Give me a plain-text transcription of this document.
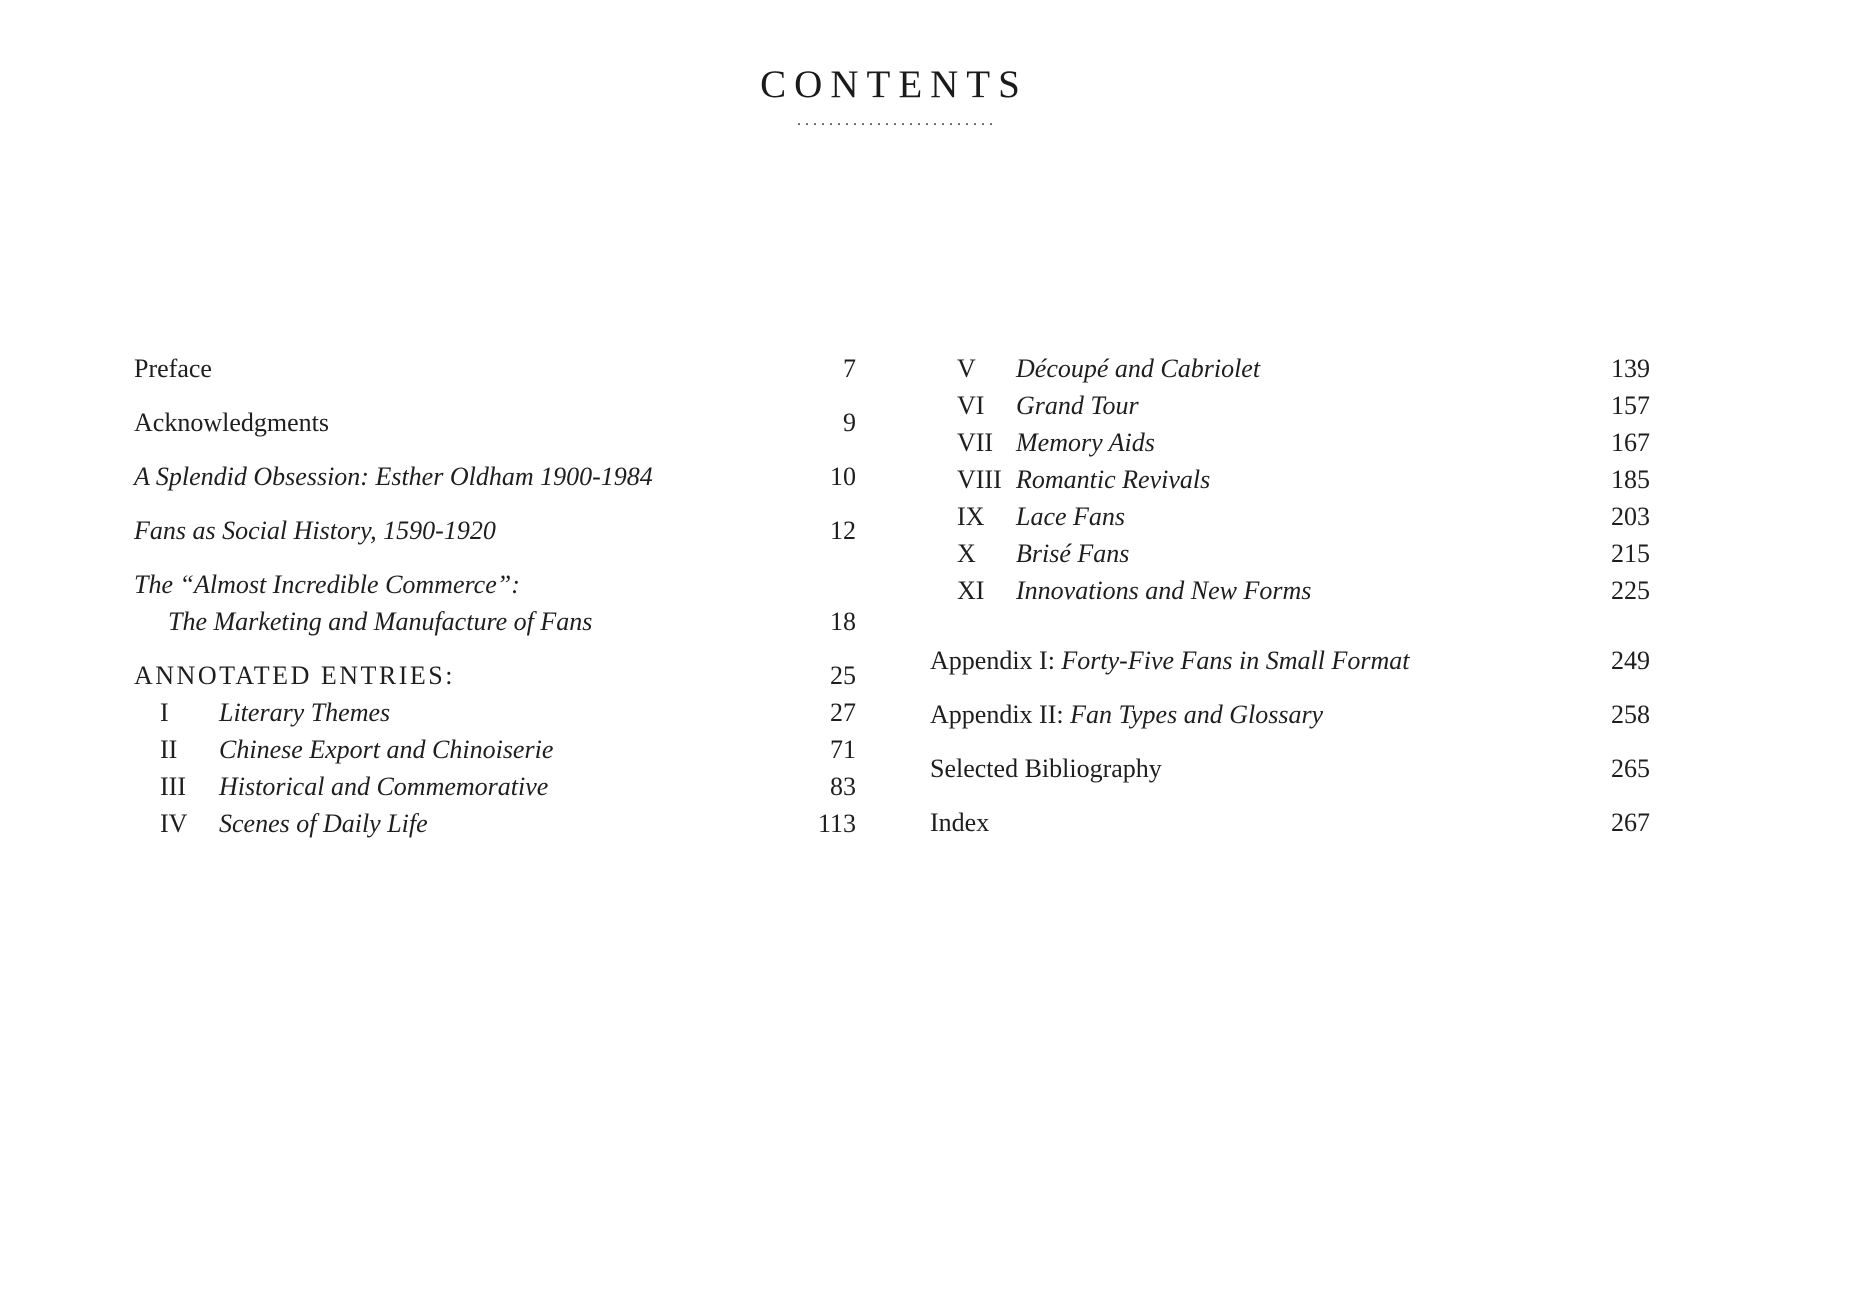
CONTENTS
.........................
Preface	7
Acknowledgments	9
A Splendid Obsession: Esther Oldham 1900-1984	10
Fans as Social History, 1590-1920	12
The “Almost Incredible Commerce”:
The Marketing and Manufacture of Fans	18
ANNOTATED ENTRIES:	25
I Literary Themes	27
II Chinese Export and Chinoiserie	71
III Historical and Commemorative	83
IV Scenes of Daily Life	113
V Découpé and Cabriolet	139
VI Grand Tour	157
VII Memory Aids	167
VIII Romantic Revivals	185
IX Lace Fans	203
X Brisé Fans	215
XI Innovations and New Forms	225
Appendix I: Forty-Five Fans in Small Format	249
Appendix II: Fan Types and Glossary	258
Selected Bibliography	265
Index	267
